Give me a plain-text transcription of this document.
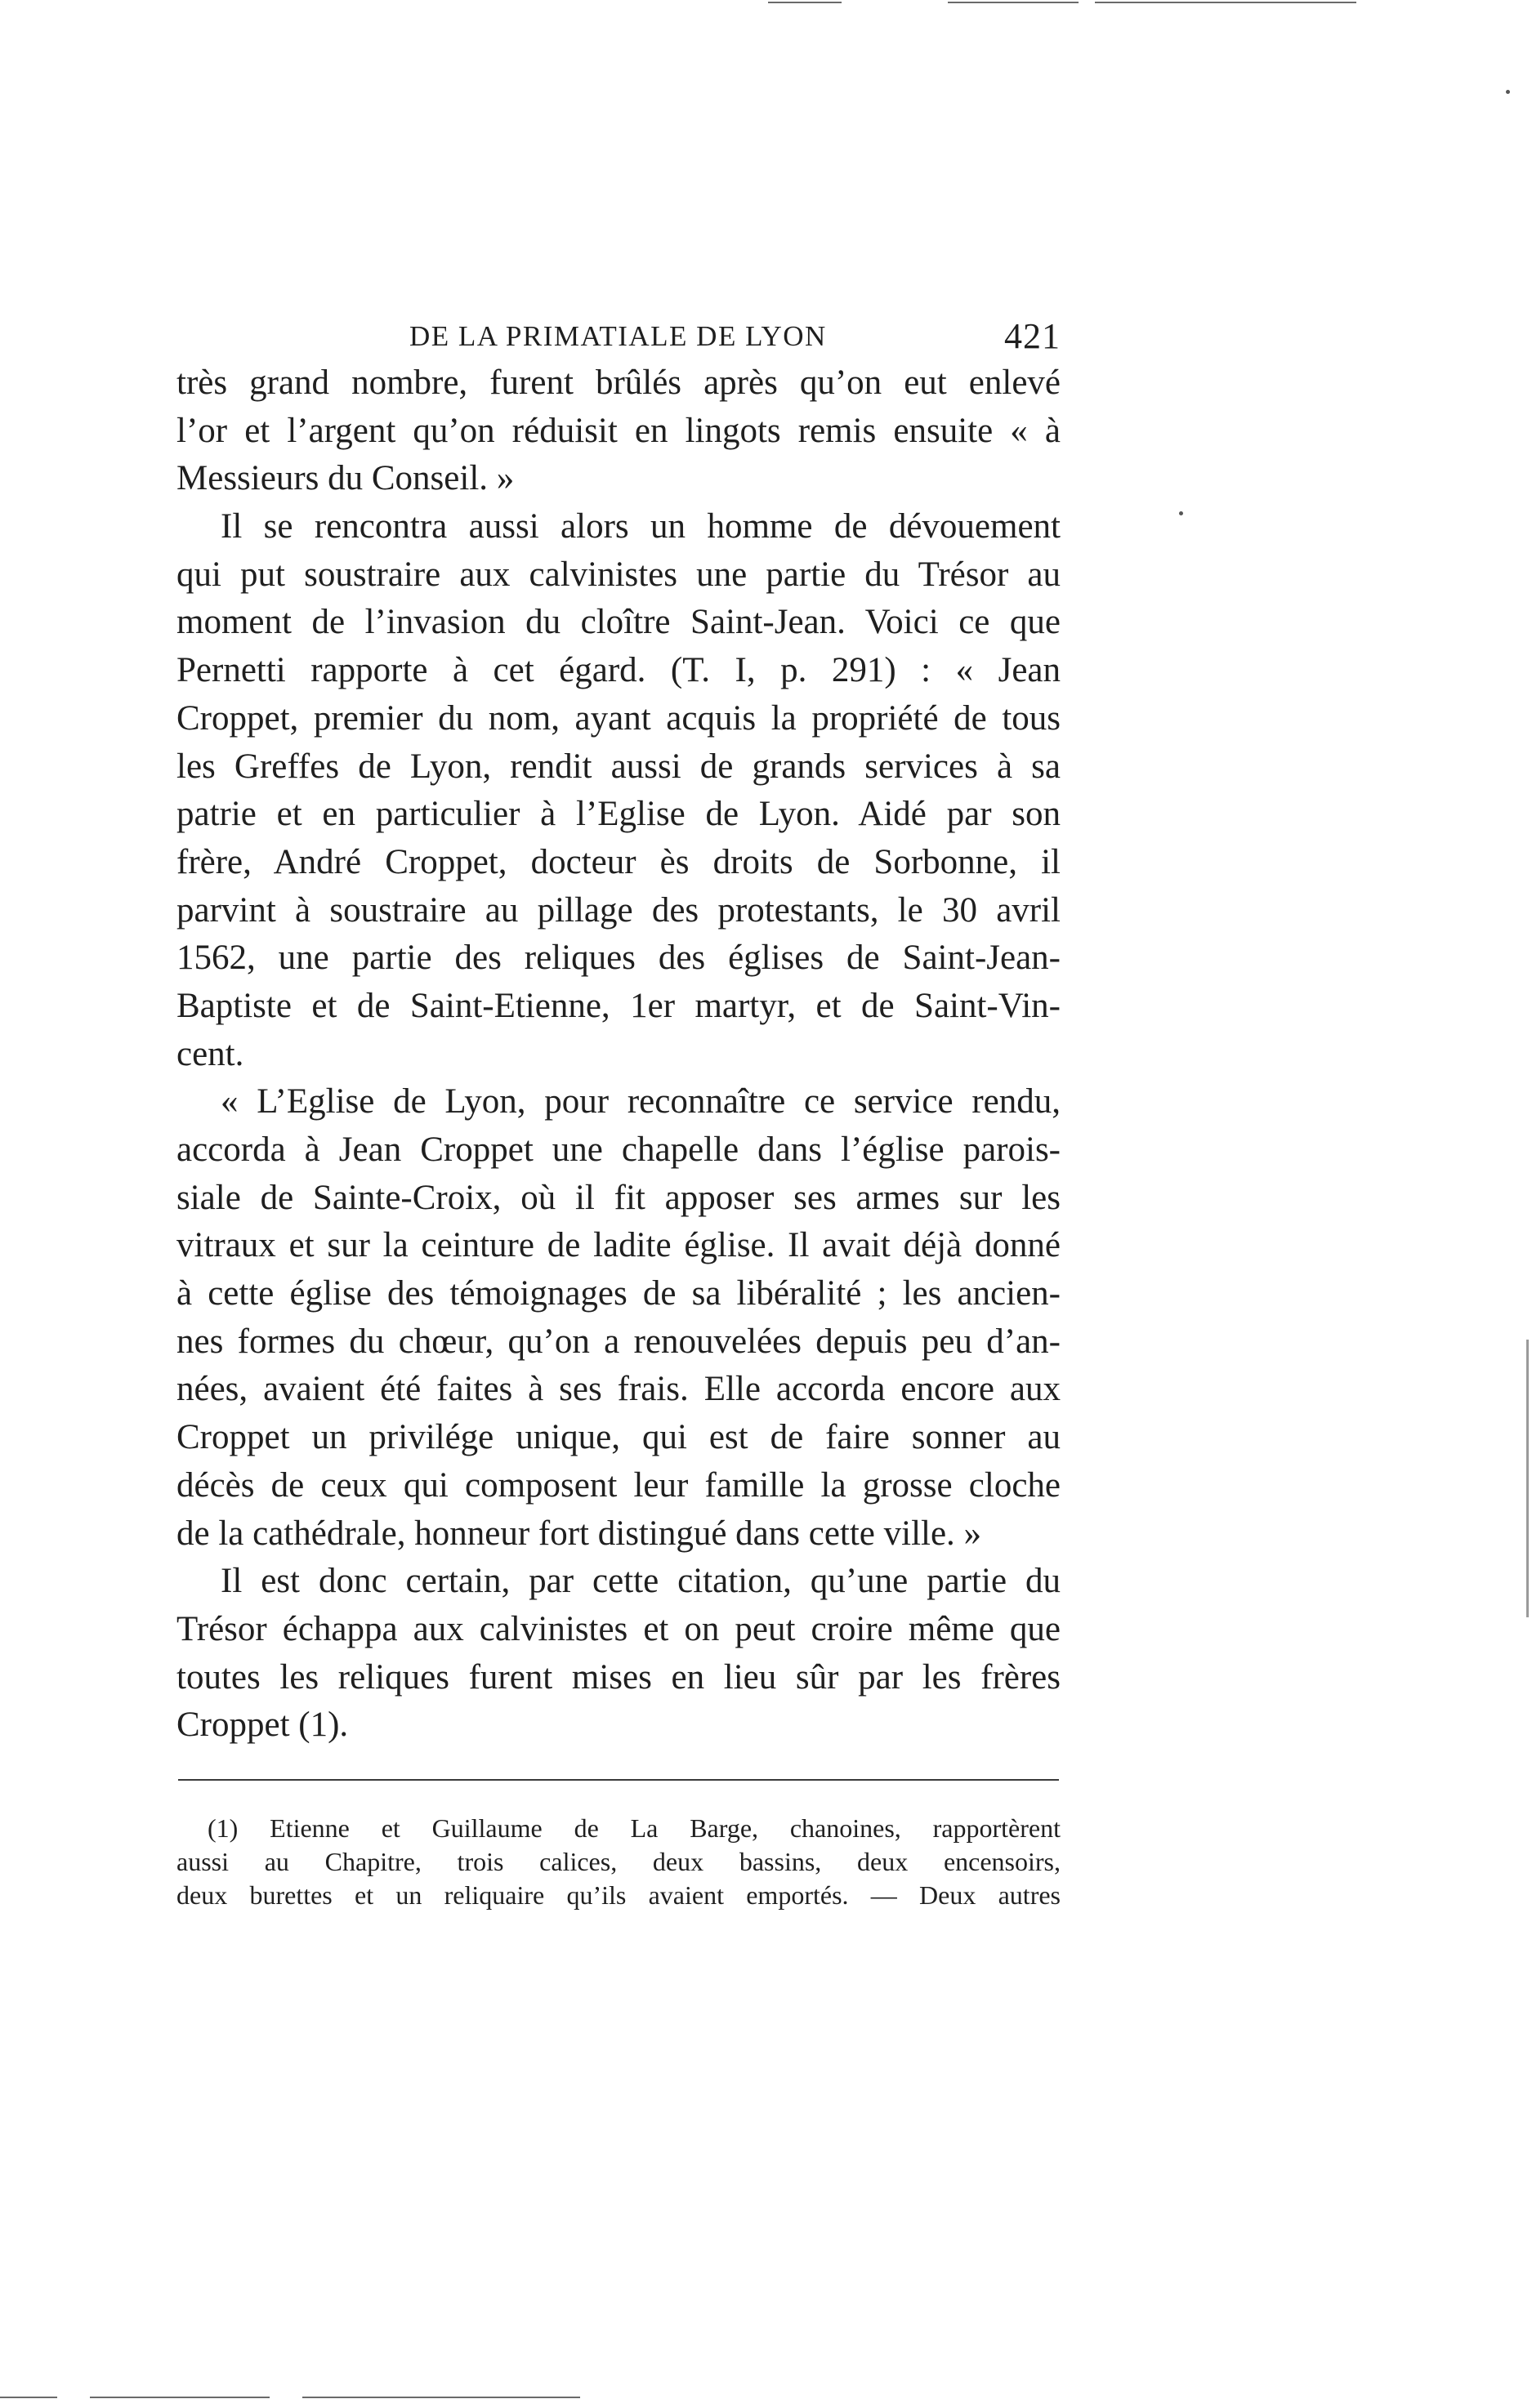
DE LA PRIMATIALE DE LYON	421
très grand nombre, furent brûlés après qu’on eut enlevé
l’or et l’argent qu’on réduisit en lingots remis ensuite « à
Messieurs du Conseil. »
Il se rencontra aussi alors un homme de dévouement
qui put soustraire aux calvinistes une partie du Trésor au
moment de l’invasion du cloître Saint-Jean. Voici ce que
Pernetti rapporte à cet égard. (T. I, p. 291) : « Jean
Croppet, premier du nom, ayant acquis la propriété de tous
les Greffes de Lyon, rendit aussi de grands services à sa
patrie et en particulier à l’Eglise de Lyon. Aidé par son
frère, André Croppet, docteur ès droits de Sorbonne, il
parvint à soustraire au pillage des protestants, le 30 avril
1562, une partie des reliques des églises de Saint-Jean-
Baptiste et de Saint-Etienne, 1er martyr, et de Saint-Vin-
cent.
« L’Eglise de Lyon, pour reconnaître ce service rendu,
accorda à Jean Croppet une chapelle dans l’église parois-
siale de Sainte-Croix, où il fit apposer ses armes sur les
vitraux et sur la ceinture de ladite église. Il avait déjà donné
à cette église des témoignages de sa libéralité ; les ancien-
nes formes du chœur, qu’on a renouvelées depuis peu d’an-
nées, avaient été faites à ses frais. Elle accorda encore aux
Croppet un privilége unique, qui est de faire sonner au
décès de ceux qui composent leur famille la grosse cloche
de la cathédrale, honneur fort distingué dans cette ville. »
Il est donc certain, par cette citation, qu’une partie du
Trésor échappa aux calvinistes et on peut croire même que
toutes les reliques furent mises en lieu sûr par les frères
Croppet (1).
(1) Etienne et Guillaume de La Barge, chanoines, rapportèrent
aussi au Chapitre, trois calices, deux bassins, deux encensoirs,
deux burettes et un reliquaire qu’ils avaient emportés. — Deux autres
